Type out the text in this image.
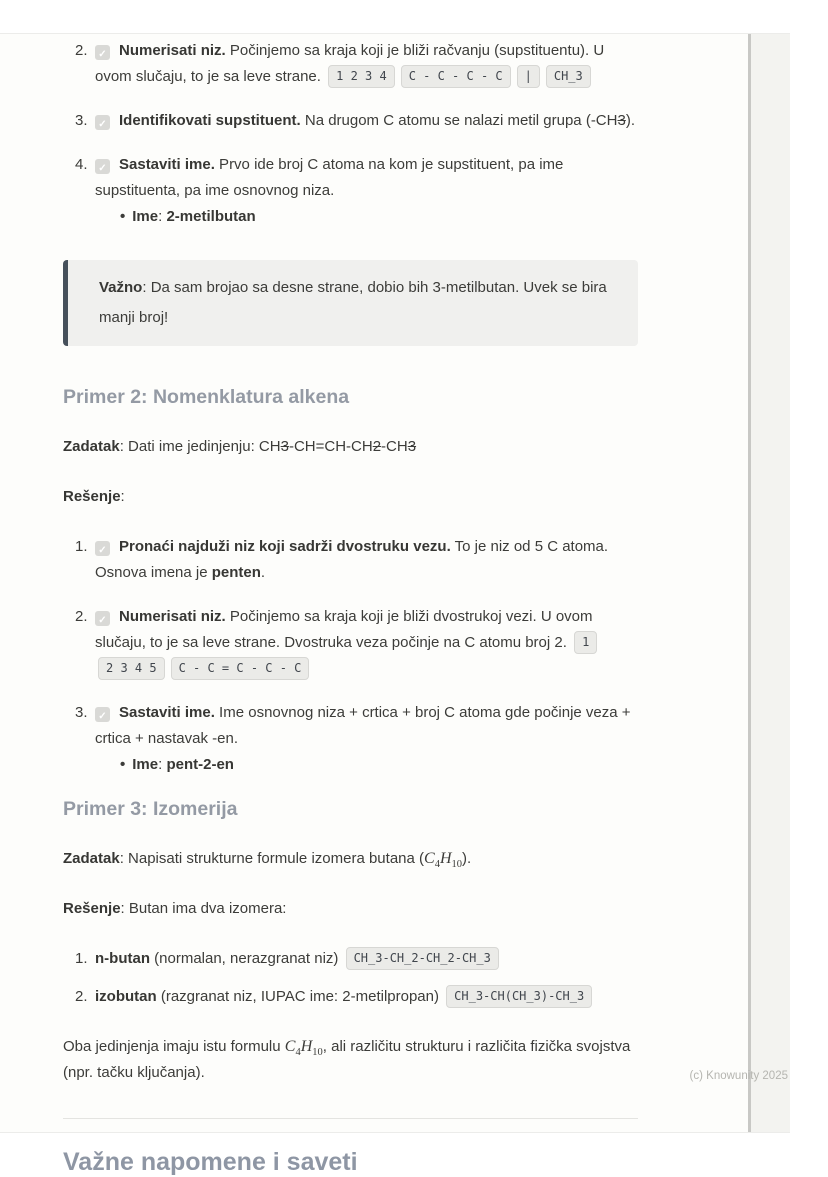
2.	✓ Numerisati niz. Počinjemo sa kraja koji je bliži račvanju (supstituentu). U ovom slučaju, to je sa leve strane. 1 2 3 4 C - C - C - C | CH_3
3.	✓ Identifikovati supstituent. Na drugom C atomu se nalazi metil grupa (-CH3).
4.	✓ Sastaviti ime. Prvo ide broj C atoma na kom je supstituent, pa ime supstituenta, pa ime osnovnog niza.
• Ime: 2-metilbutan
Važno: Da sam brojao sa desne strane, dobio bih 3-metilbutan. Uvek se bira manji broj!
Primer 2: Nomenklatura alkena

Zadatak: Dati ime jedinjenju: CH3-CH=CH-CH2-CH3

Rešenje:

1.	✓ Pronaći najduži niz koji sadrži dvostruku vezu. To je niz od 5 C atoma. Osnova imena je penten.
2.	✓ Numerisati niz. Počinjemo sa kraja koji je bliži dvostrukoj vezi. U ovom slučaju, to je sa leve strane. Dvostruka veza počinje na C atomu broj 2. 12 3 4 5 C - C = C - C - C
3.	✓ Sastaviti ime. Ime osnovnog niza + crtica + broj C atoma gde počinje veza + crtica + nastavak -en.
• Ime: pent-2-en
Primer 3: Izomerija

Zadatak: Napisati strukturne formule izomera butana $(C_4H_{10})$.

Rešenje: Butan ima dva izomera:

1. n-butan (normalan, nerazgranat niz) CH_3-CH_2-CH_2-CH_3
2. izobutan (razgranat niz, IUPAC ime: 2-metilpropan) CH_3-CH(CH_3)-CH_3

Oba jedinjenja imaju istu formulu $C_4H_{10}$, ali različitu strukturu i različita fizička svojstva (npr. tačku ključanja).

Važne napomene i saveti
(c) Knowunity 2025
